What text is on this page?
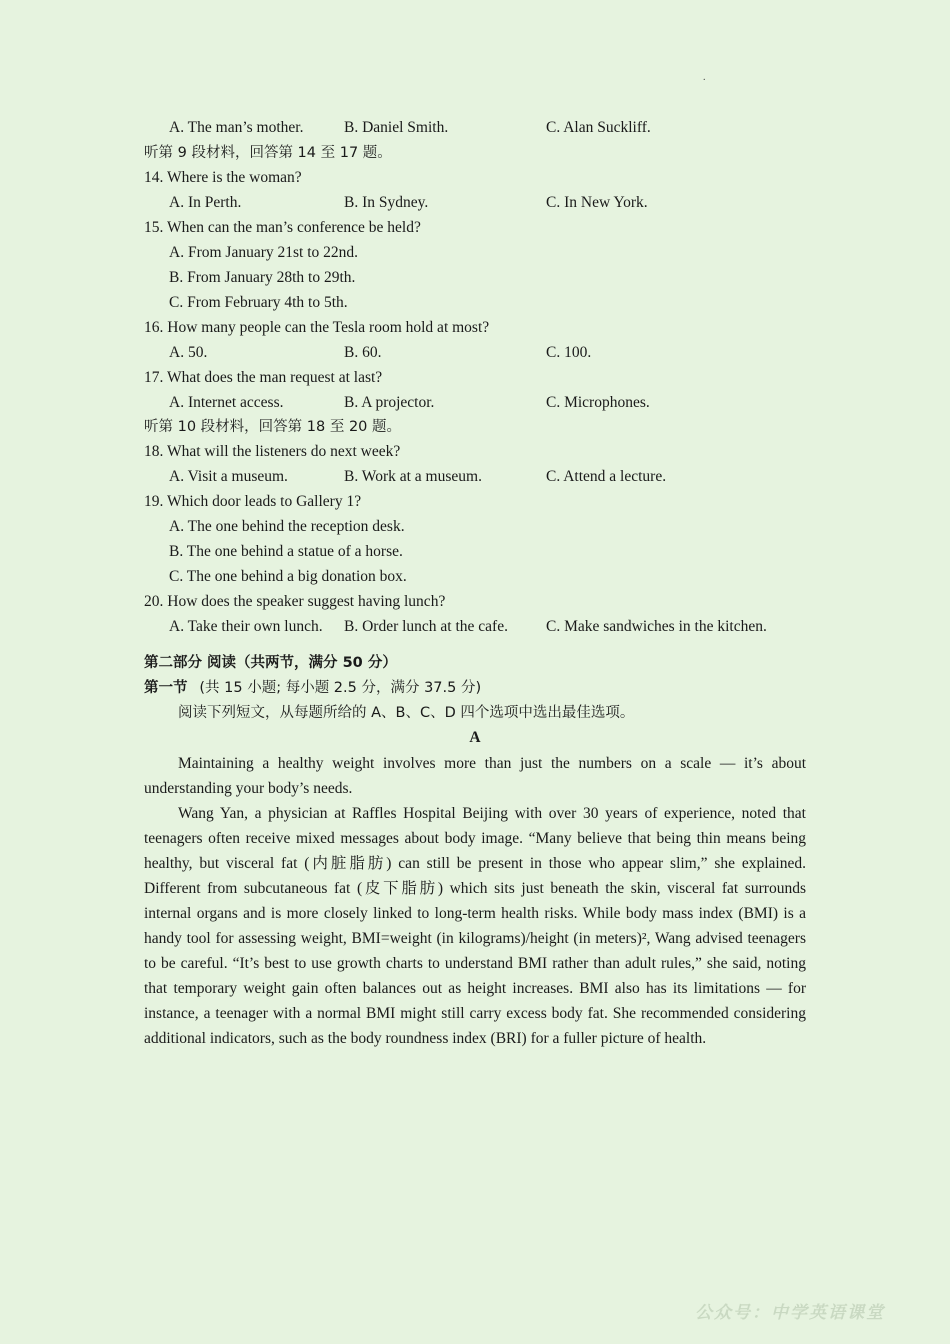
.
A. The man’s mother.	B. Daniel Smith.	C. Alan Suckliff.
听第 9 段材料，回答第 14 至 17 题。
14. Where is the woman?
A. In Perth.	B. In Sydney.	C. In New York.
15. When can the man’s conference be held?
A. From January 21st to 22nd.
B. From January 28th to 29th.
C. From February 4th to 5th.
16. How many people can the Tesla room hold at most?
A. 50.	B. 60.	C. 100.
17. What does the man request at last?
A. Internet access.	B. A projector.	C. Microphones.
听第 10 段材料，回答第 18 至 20 题。
18. What will the listeners do next week?
A. Visit a museum.	B. Work at a museum.	C. Attend a lecture.
19. Which door leads to Gallery 1?
A. The one behind the reception desk.
B. The one behind a statue of a horse.
C. The one behind a big donation box.
20. How does the speaker suggest having lunch?
A. Take their own lunch. B. Order lunch at the cafe. C. Make sandwiches in the kitchen.
第二部分 阅读（共两节，满分 50 分）
第一节 (共 15 小题; 每小题 2.5 分，满分 37.5 分)
阅读下列短文，从每题所给的 A、B、C、D 四个选项中选出最佳选项。
A

Maintaining a healthy weight involves more than just the numbers on a scale — it’s about understanding your body’s needs.

Wang Yan, a physician at Raffles Hospital Beijing with over 30 years of experience, noted that teenagers often receive mixed messages about body image. “Many believe that being thin means being healthy, but visceral fat (内脏脂肪) can still be present in those who appear slim,” she explained. Different from subcutaneous fat (皮下脂肪) which sits just beneath the skin, visceral fat surrounds internal organs and is more closely linked to long-term health risks. While body mass index (BMI) is a handy tool for assessing weight, BMI=weight (in kilograms)/height (in meters)², Wang advised teenagers to be careful. “It’s best to use growth charts to understand BMI rather than adult rules,” she said, noting that temporary weight gain often balances out as height increases. BMI also has its limitations — for instance, a teenager with a normal BMI might still carry excess body fat. She recommended considering additional indicators, such as the body roundness index (BRI) for a fuller picture of health.

公众号：中学英语课堂
